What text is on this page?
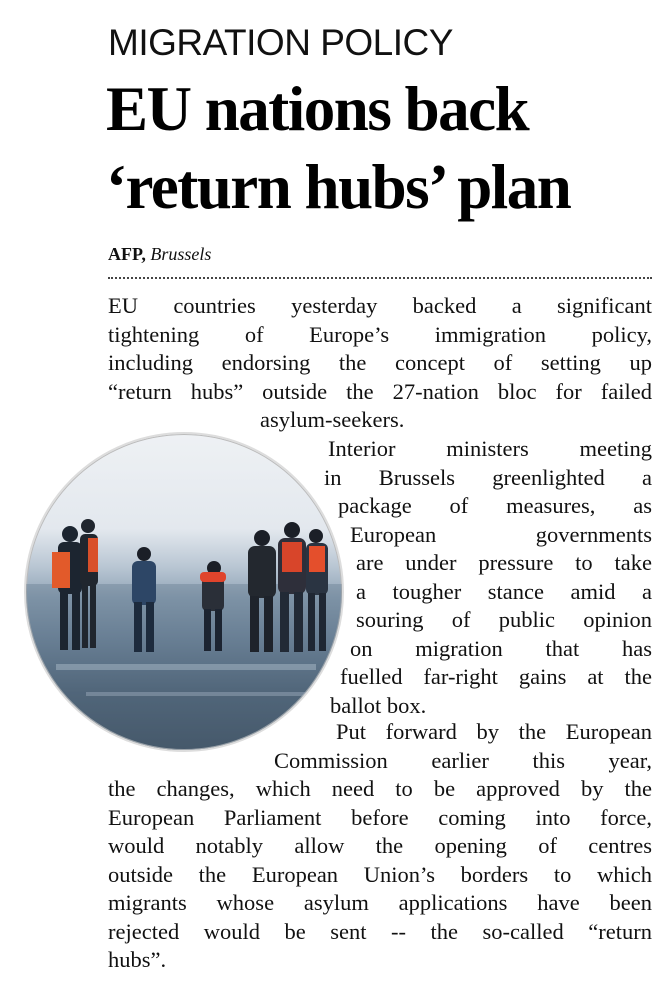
MIGRATION POLICY
EU nations back
‘return hubs’ plan
AFP, Brussels
EU countries yesterday backed a significant
tightening of Europe’s immigration policy,
including endorsing the concept of setting up
“return hubs” outside the 27-nation bloc for failed
asylum-seekers.
Interior ministers meeting
in Brussels greenlighted a
package of measures, as
European governments
are under pressure to take
a tougher stance amid a
souring of public opinion
on migration that has
fuelled far-right gains at the
ballot box.
Put forward by the European
Commission earlier this year,
the changes, which need to be approved by the
European Parliament before coming into force,
would notably allow the opening of centres
outside the European Union’s borders to which
migrants whose asylum applications have been
rejected would be sent -- the so-called “return
hubs”.
